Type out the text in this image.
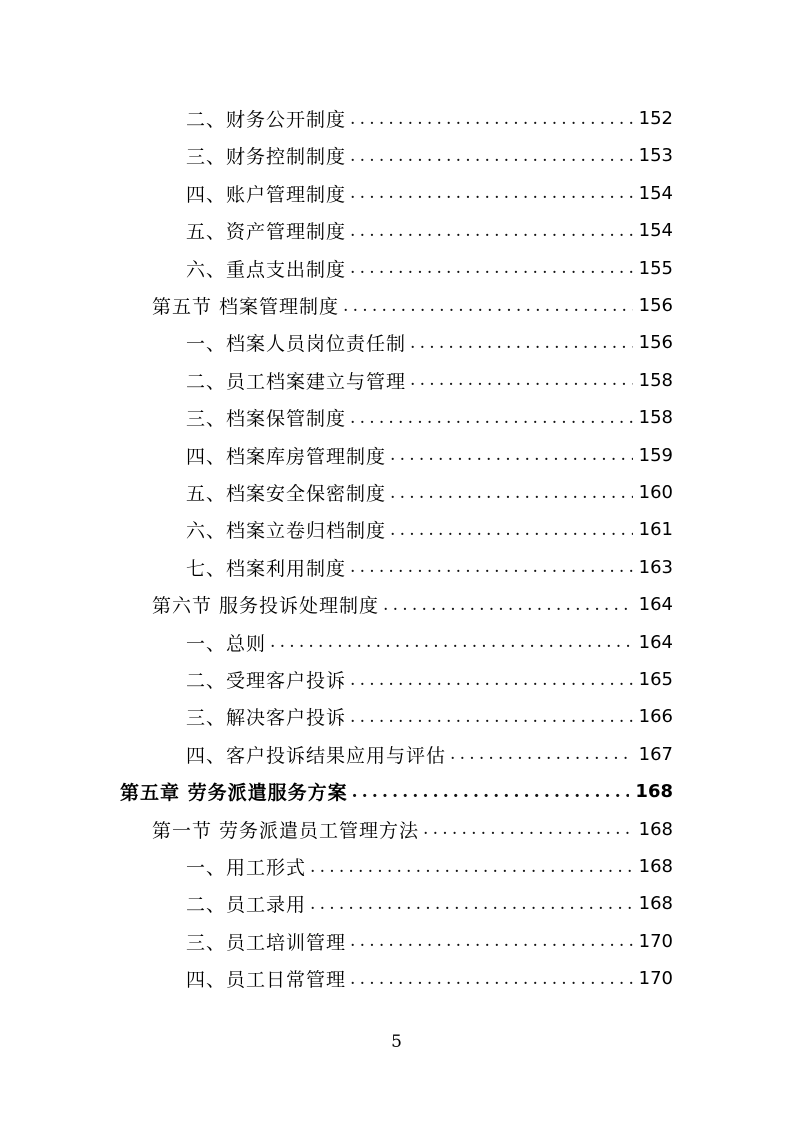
二、财务公开制度 .....	152
三、财务控制制度 .....	153
四、账户管理制度 .....	154
五、资产管理制度 .....	154
六、重点支出制度 .....	155
第五节 档案管理制度 .....	156
一、档案人员岗位责任制 .....	156
二、员工档案建立与管理 .....	158
三、档案保管制度 .....	158
四、档案库房管理制度 .....	159
五、档案安全保密制度 .....	160
六、档案立卷归档制度 .....	161
七、档案利用制度 .....	163
第六节 服务投诉处理制度 .....	164
一、总则 .....	164
二、受理客户投诉 .....	165
三、解决客户投诉 .....	166
四、客户投诉结果应用与评估 .....	167
第五章 劳务派遣服务方案 .....	168
第一节 劳务派遣员工管理方法 .....	168
一、用工形式 .....	168
二、员工录用 .....	168
三、员工培训管理 .....	170
四、员工日常管理 .....	170
5
